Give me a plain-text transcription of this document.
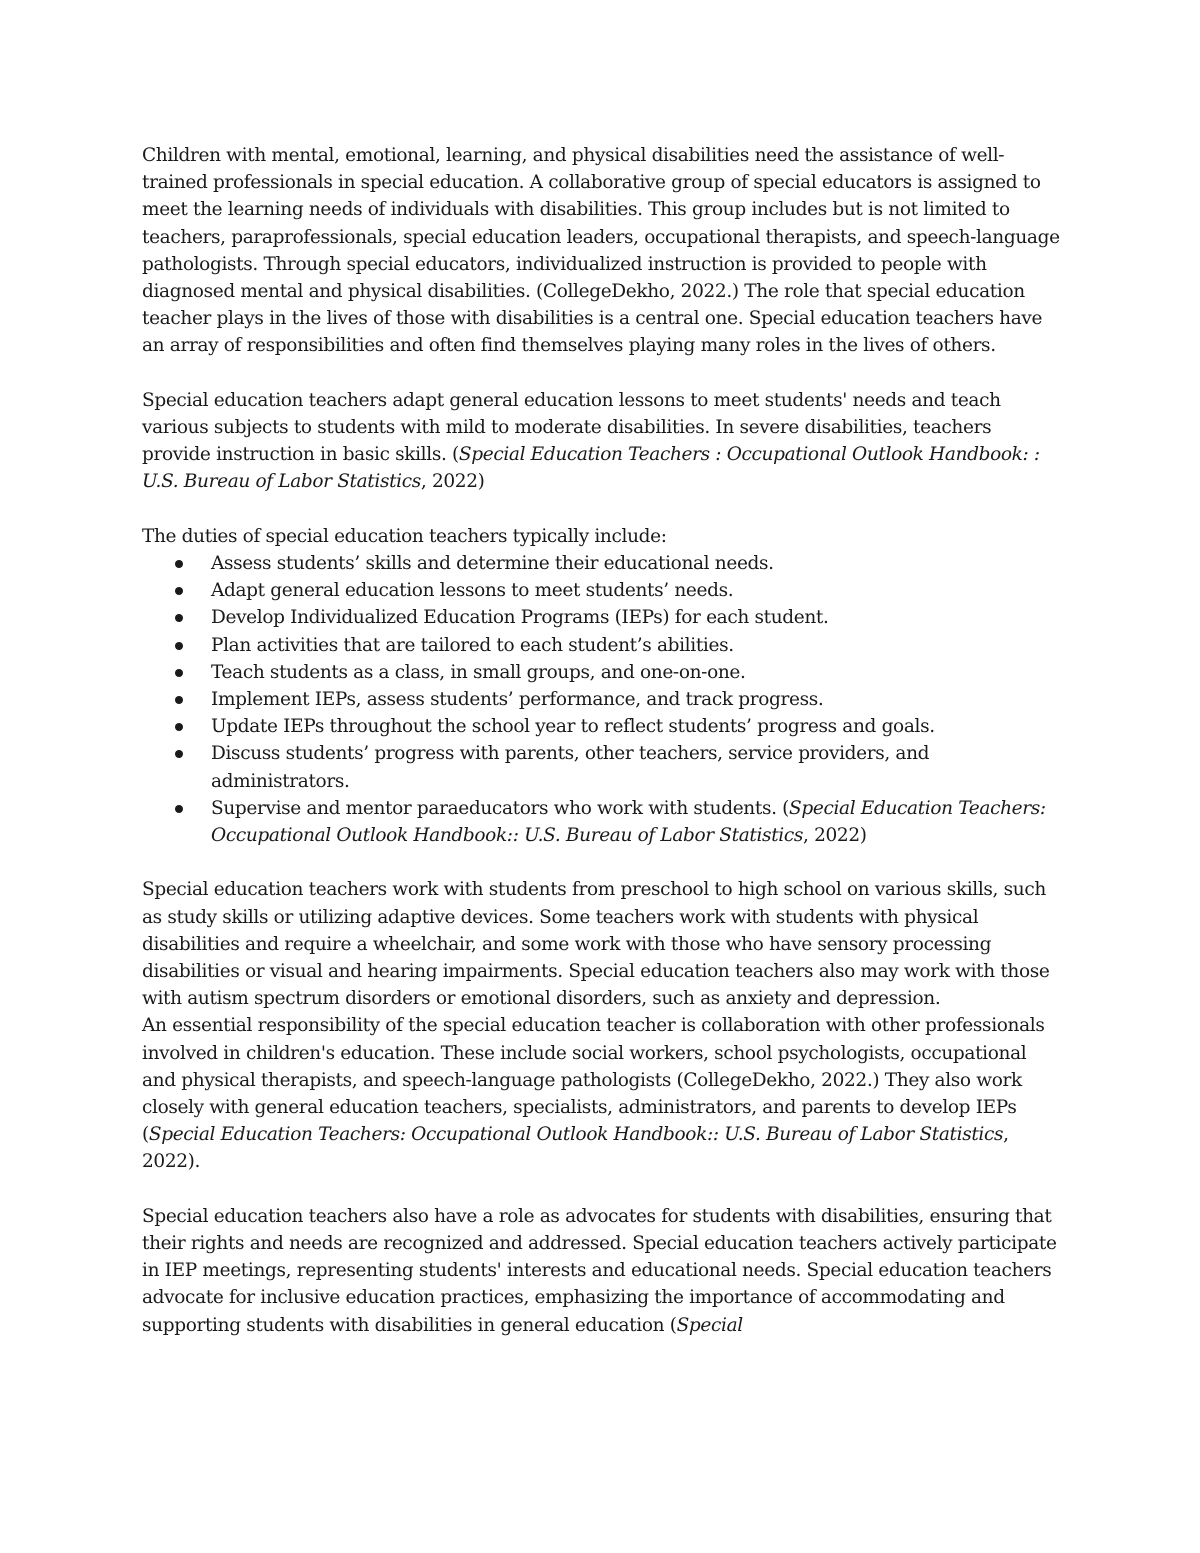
Children with mental, emotional, learning, and physical disabilities need the assistance of well-trained professionals in special education. A collaborative group of special educators is assigned to meet the learning needs of individuals with disabilities. This group includes but is not limited to teachers, paraprofessionals, special education leaders, occupational therapists, and speech-language pathologists. Through special educators, individualized instruction is provided to people with diagnosed mental and physical disabilities. (CollegeDekho, 2022.) The role that special education teacher plays in the lives of those with disabilities is a central one. Special education teachers have an array of responsibilities and often find themselves playing many roles in the lives of others.

Special education teachers adapt general education lessons to meet students' needs and teach various subjects to students with mild to moderate disabilities. In severe disabilities, teachers provide instruction in basic skills. (Special Education Teachers : Occupational Outlook Handbook: : U.S. Bureau of Labor Statistics, 2022)

The duties of special education teachers typically include:

Assess students’ skills and determine their educational needs.
Adapt general education lessons to meet students’ needs.
Develop Individualized Education Programs (IEPs) for each student.
Plan activities that are tailored to each student’s abilities.
Teach students as a class, in small groups, and one-on-one.
Implement IEPs, assess students’ performance, and track progress.
Update IEPs throughout the school year to reflect students’ progress and goals.
Discuss students’ progress with parents, other teachers, service providers, and administrators.
Supervise and mentor paraeducators who work with students. (Special Education Teachers: Occupational Outlook Handbook:: U.S. Bureau of Labor Statistics, 2022)

Special education teachers work with students from preschool to high school on various skills, such as study skills or utilizing adaptive devices. Some teachers work with students with physical disabilities and require a wheelchair, and some work with those who have sensory processing disabilities or visual and hearing impairments. Special education teachers also may work with those with autism spectrum disorders or emotional disorders, such as anxiety and depression.

An essential responsibility of the special education teacher is collaboration with other professionals involved in children's education. These include social workers, school psychologists, occupational and physical therapists, and speech-language pathologists (CollegeDekho, 2022.) They also work closely with general education teachers, specialists, administrators, and parents to develop IEPs (Special Education Teachers: Occupational Outlook Handbook:: U.S. Bureau of Labor Statistics, 2022).

Special education teachers also have a role as advocates for students with disabilities, ensuring that their rights and needs are recognized and addressed. Special education teachers actively participate in IEP meetings, representing students' interests and educational needs. Special education teachers advocate for inclusive education practices, emphasizing the importance of accommodating and supporting students with disabilities in general education (Special
